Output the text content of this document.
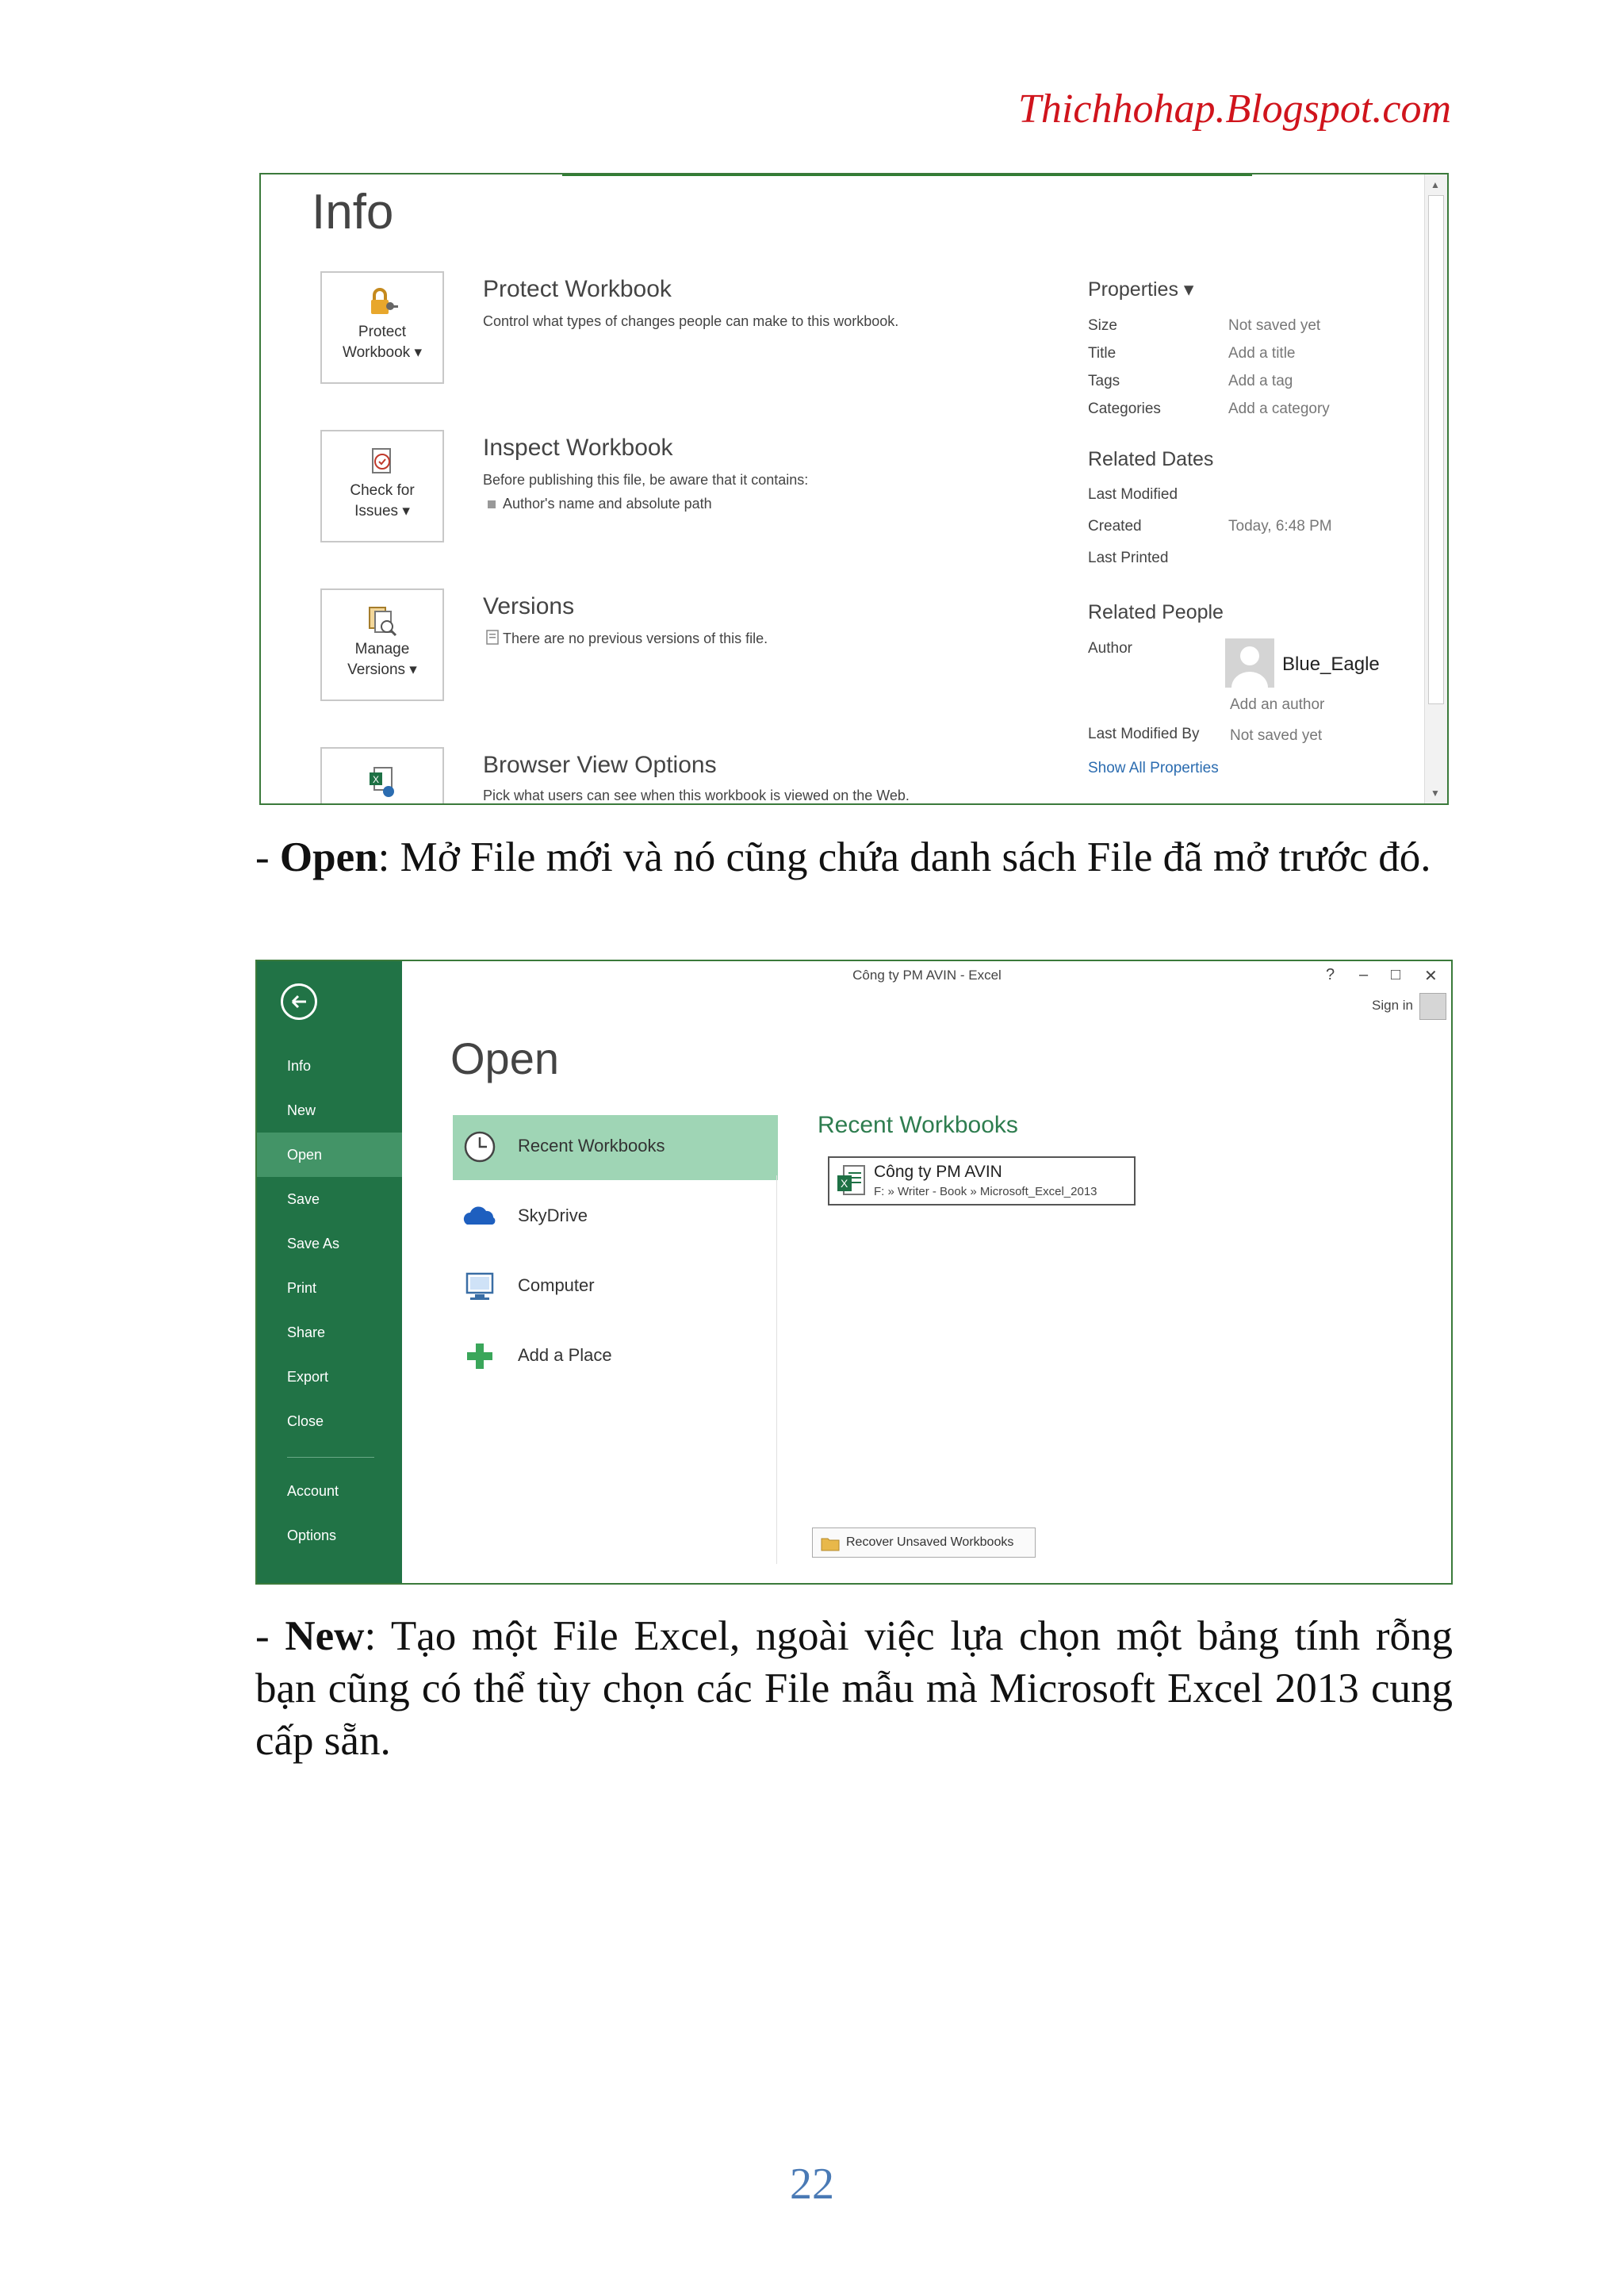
Thichhohap.Blogspot.com
Info
Protect
Workbook ▾
Check for
Issues ▾
Manage
Versions ▾
X
Protect Workbook
Control what types of changes people can make to this workbook.
Inspect Workbook
Before publishing this file, be aware that it contains:
Author's name and absolute path
Versions
There are no previous versions of this file.
Browser View Options
Pick what users can see when this workbook is viewed on the Web.
Properties ▾
Size	Not saved yet
Title	Add a title
Tags	Add a tag
Categories	Add a category
Related Dates
Last Modified
Created	Today, 6:48 PM
Last Printed
Related People
Author
Blue_Eagle
Add an author
Last Modified By Not saved yet
Show All Properties
▲
▼
- Open: Mở File mới và nó cũng chứa danh sách File đã mở trước đó.
Info
New
Open
Save
Save As
Print
Share
Export
Close
Account
Options
Công ty PM AVIN - Excel	? – □ ✕
Sign in
Open
Recent Workbooks
SkyDrive
Computer
Add a Place
Recent Workbooks
X
Công ty PM AVIN
F: » Writer - Book » Microsoft_Excel_2013
Recover Unsaved Workbooks
- New: Tạo một File Excel, ngoài việc lựa chọn một bảng tính rỗng bạn cũng có thể tùy chọn các File mẫu mà Microsoft Excel 2013 cung cấp sẵn.
22
